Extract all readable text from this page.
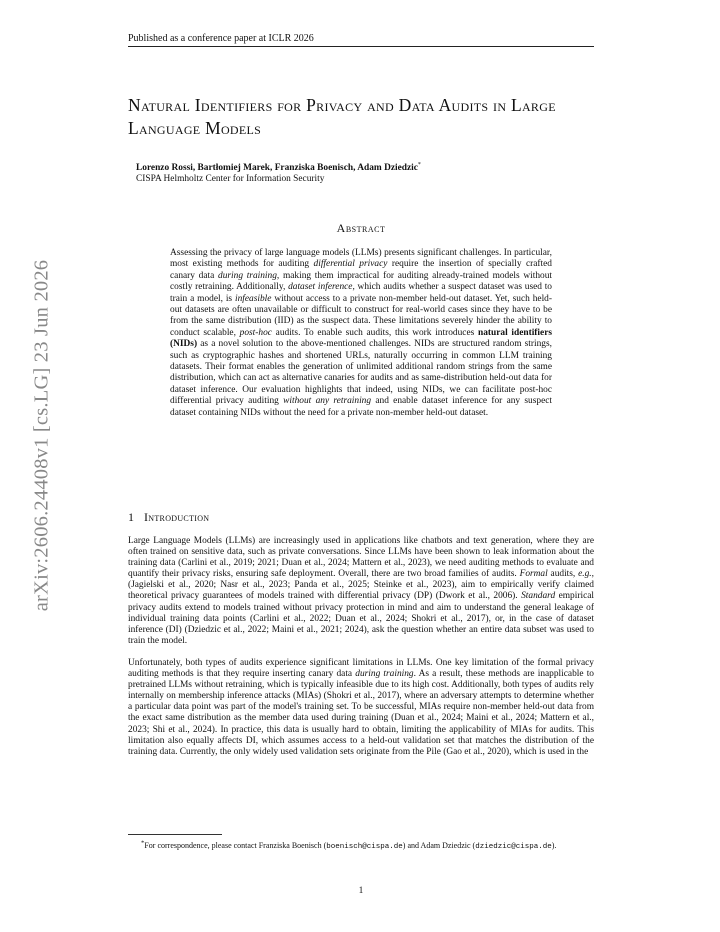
Published as a conference paper at ICLR 2026
arXiv:2606.24408v1 [cs.LG] 23 Jun 2026
Natural Identifiers for Privacy and Data Audits in Large Language Models
Lorenzo Rossi, Bartłomiej Marek, Franziska Boenisch, Adam Dziedzic*
CISPA Helmholtz Center for Information Security
Abstract
Assessing the privacy of large language models (LLMs) presents significant challenges. In particular, most existing methods for auditing differential privacy require the insertion of specially crafted canary data during training, making them impractical for auditing already-trained models without costly retraining. Additionally, dataset inference, which audits whether a suspect dataset was used to train a model, is infeasible without access to a private non-member held-out dataset. Yet, such held-out datasets are often unavailable or difficult to construct for real-world cases since they have to be from the same distribution (IID) as the suspect data. These limitations severely hinder the ability to conduct scalable, post-hoc audits. To enable such audits, this work introduces natural identifiers (NIDs) as a novel solution to the above-mentioned challenges. NIDs are structured random strings, such as cryptographic hashes and shortened URLs, naturally occurring in common LLM training datasets. Their format enables the generation of unlimited additional random strings from the same distribution, which can act as alternative canaries for audits and as same-distribution held-out data for dataset inference. Our evaluation highlights that indeed, using NIDs, we can facilitate post-hoc differential privacy auditing without any retraining and enable dataset inference for any suspect dataset containing NIDs without the need for a private non-member held-out dataset.
1 Introduction
Large Language Models (LLMs) are increasingly used in applications like chatbots and text generation, where they are often trained on sensitive data, such as private conversations. Since LLMs have been shown to leak information about the training data (Carlini et al., 2019; 2021; Duan et al., 2024; Mattern et al., 2023), we need auditing methods to evaluate and quantify their privacy risks, ensuring safe deployment. Overall, there are two broad families of audits. Formal audits, e.g., (Jagielski et al., 2020; Nasr et al., 2023; Panda et al., 2025; Steinke et al., 2023), aim to empirically verify claimed theoretical privacy guarantees of models trained with differential privacy (DP) (Dwork et al., 2006). Standard empirical privacy audits extend to models trained without privacy protection in mind and aim to understand the general leakage of individual training data points (Carlini et al., 2022; Duan et al., 2024; Shokri et al., 2017), or, in the case of dataset inference (DI) (Dziedzic et al., 2022; Maini et al., 2021; 2024), ask the question whether an entire data subset was used to train the model.
Unfortunately, both types of audits experience significant limitations in LLMs. One key limitation of the formal privacy auditing methods is that they require inserting canary data during training. As a result, these methods are inapplicable to pretrained LLMs without retraining, which is typically infeasible due to its high cost. Additionally, both types of audits rely internally on membership inference attacks (MIAs) (Shokri et al., 2017), where an adversary attempts to determine whether a particular data point was part of the model's training set. To be successful, MIAs require non-member held-out data from the exact same distribution as the member data used during training (Duan et al., 2024; Maini et al., 2024; Mattern et al., 2023; Shi et al., 2024). In practice, this data is usually hard to obtain, limiting the applicability of MIAs for audits. This limitation also equally affects DI, which assumes access to a held-out validation set that matches the distribution of the training data. Currently, the only widely used validation sets originate from the Pile (Gao et al., 2020), which is used in the
*For correspondence, please contact Franziska Boenisch (boenisch@cispa.de) and Adam Dziedzic (dziedzic@cispa.de).
1
